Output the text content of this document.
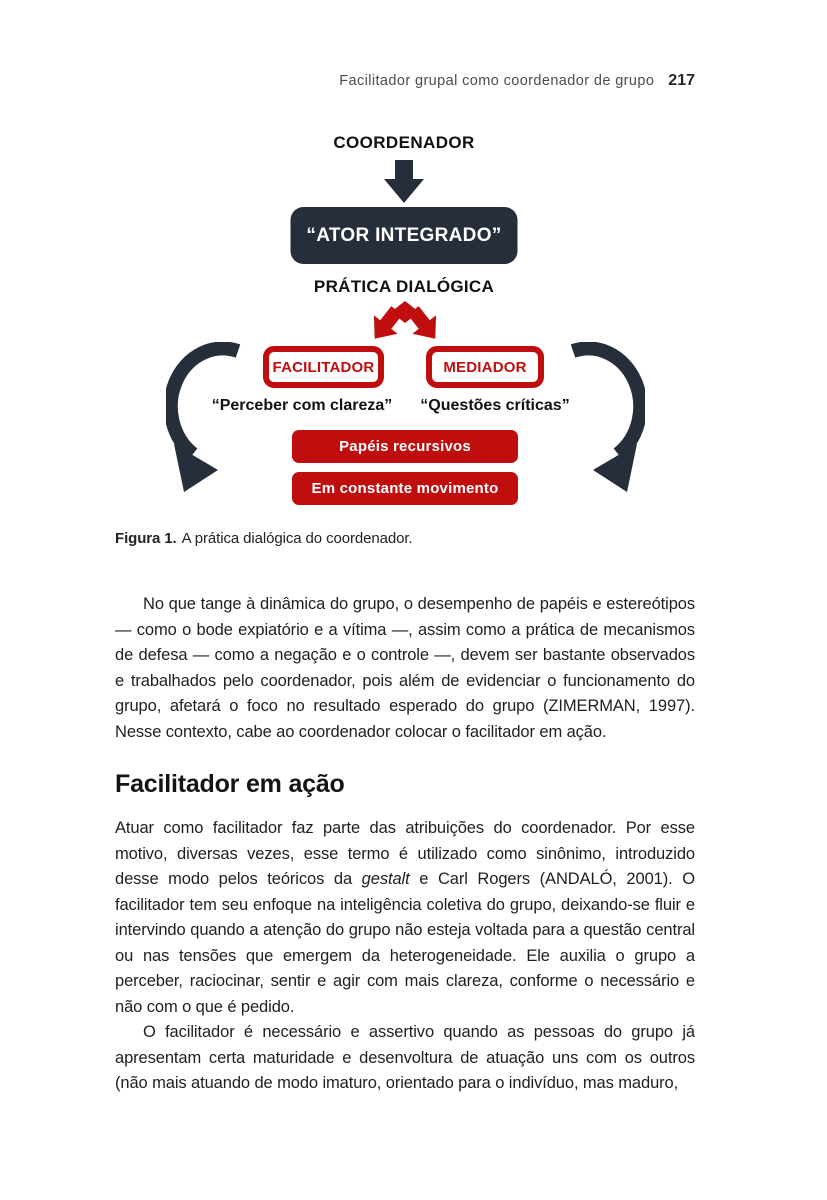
Facilitador grupal como coordenador de grupo 217
COORDENADOR
“ATOR INTEGRADO”
PRÁTICA DIALÓGICA
FACILITADOR	MEDIADOR
“Perceber com clareza” “Questões críticas”
Papéis recursivos
Em constante movimento
Figura 1. A prática dialógica do coordenador.

No que tange à dinâmica do grupo, o desempenho de papéis e estereótipos — como o bode expiatório e a vítima —, assim como a prática de mecanismos de defesa — como a negação e o controle —, devem ser bastante observados e trabalhados pelo coordenador, pois além de evidenciar o funcionamento do grupo, afetará o foco no resultado esperado do grupo (ZIMERMAN, 1997). Nesse contexto, cabe ao coordenador colocar o facilitador em ação.

Facilitador em ação

Atuar como facilitador faz parte das atribuições do coordenador. Por esse motivo, diversas vezes, esse termo é utilizado como sinônimo, introduzido desse modo pelos teóricos da gestalt e Carl Rogers (ANDALÓ, 2001). O facilitador tem seu enfoque na inteligência coletiva do grupo, deixando-se fluir e intervindo quando a atenção do grupo não esteja voltada para a questão central ou nas tensões que emergem da heterogeneidade. Ele auxilia o grupo a perceber, raciocinar, sentir e agir com mais clareza, conforme o necessário e não com o que é pedido.

O facilitador é necessário e assertivo quando as pessoas do grupo já apresentam certa maturidade e desenvoltura de atuação uns com os outros (não mais atuando de modo imaturo, orientado para o indivíduo, mas maduro,
